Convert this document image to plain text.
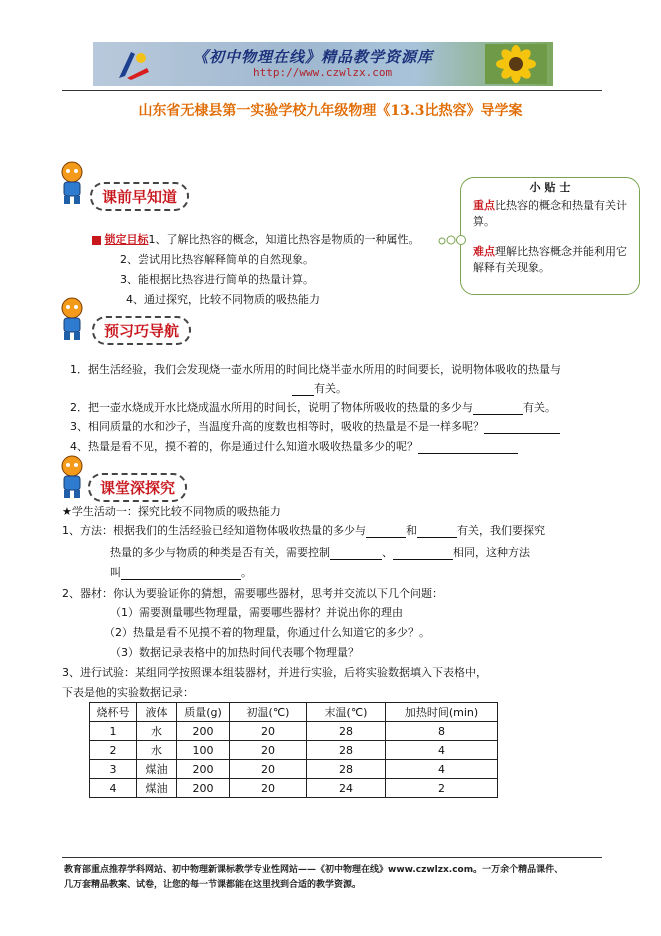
《初中物理在线》精品教学资源库
http://www.czwlzx.com
山东省无棣县第一实验学校九年级物理《13.3比热容》导学案
课前早知道
小 贴 士

重点比热容的概念和热量有关计算。

难点理解比热容概念并能利用它解释有关现象。

锁定目标1、了解比热容的概念，知道比热容是物质的一种属性。
2、尝试用比热容解释简单的自然现象。
3、能根据比热容进行简单的热量计算。
4、通过探究，比较不同物质的吸热能力
预习巧导航
1．据生活经验，我们会发现烧一壶水所用的时间比烧半壶水所用的时间要长，说明物体吸收的热量与
有关。
2．把一壶水烧成开水比烧成温水所用的时间长，说明了物体所吸收的热量的多少与	有关。
3、相同质量的水和沙子，当温度升高的度数也相等时，吸收的热量是不是一样多呢？
4、热量是看不见，摸不着的，你是通过什么知道水吸收热量多少的呢？
课堂深探究
★学生活动一：探究比较不同物质的吸热能力
1、方法：根据我们的生活经验已经知道物体吸收热量的多少与	和	有关，我们要探究
热量的多少与物质的种类是否有关，需要控制	、	相同，这种方法
叫	。
2、器材：你认为要验证你的猜想，需要哪些器材，思考并交流以下几个问题：
（1）需要测量哪些物理量，需要哪些器材？并说出你的理由
（2）热量是看不见摸不着的物理量，你通过什么知道它的多少？。
（3）数据记录表格中的加热时间代表哪个物理量？
3、进行试验：某组同学按照课本组装器材，并进行实验，后将实验数据填入下表格中，
下表是他的实验数据记录：
烧杯号	液体	质量(g)	初温(℃)	末温(℃)	加热时间(min)
1	水	200	20	28	8
2	水	100	20	28	4
3	煤油	200	20	28	4
4	煤油	200	20	24	2
教育部重点推荐学科网站、初中物理新课标教学专业性网站——《初中物理在线》www.czwlzx.com。一万余个精品课件、
几万套精品教案、试卷，让您的每一节课都能在这里找到合适的教学资源。
